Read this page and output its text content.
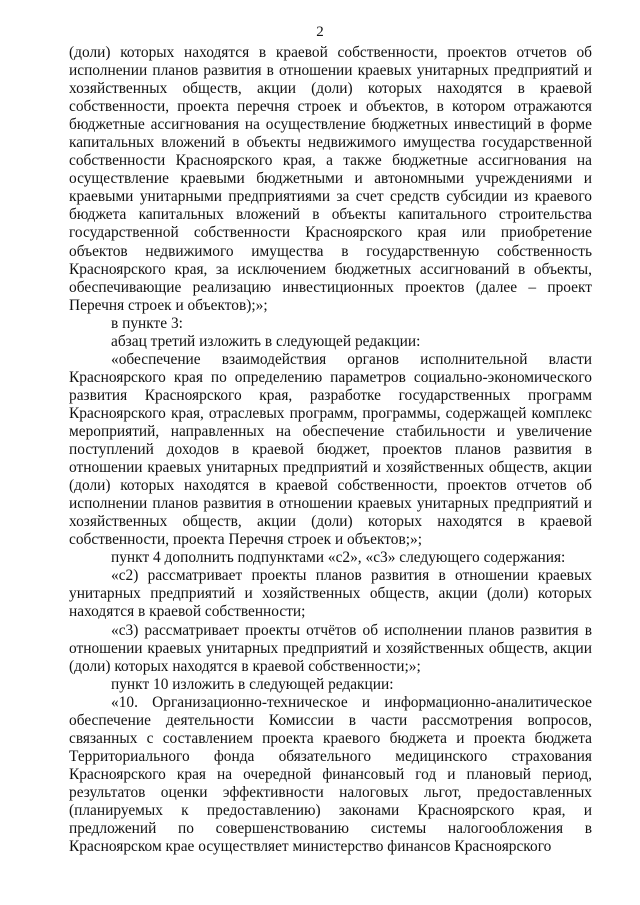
2

(доли) которых находятся в краевой собственности, проектов отчетов об исполнении планов развития в отношении краевых унитарных предприятий и хозяйственных обществ, акции (доли) которых находятся в краевой собственности, проекта перечня строек и объектов, в котором отражаются бюджетные ассигнования на осуществление бюджетных инвестиций в форме капитальных вложений в объекты недвижимого имущества государственной собственности Красноярского края, а также бюджетные ассигнования на осуществление краевыми бюджетными и автономными учреждениями и краевыми унитарными предприятиями за счет средств субсидии из краевого бюджета капитальных вложений в объекты капитального строительства государственной собственности Красноярского края или приобретение объектов недвижимого имущества в государственную собственность Красноярского края, за исключением бюджетных ассигнований в объекты, обеспечивающие реализацию инвестиционных проектов (далее – проект Перечня строек и объектов);»;

в пункте 3:

абзац третий изложить в следующей редакции:

«обеспечение взаимодействия органов исполнительной власти Красноярского края по определению параметров социально-экономического развития Красноярского края, разработке государственных программ Красноярского края, отраслевых программ, программы, содержащей комплекс мероприятий, направленных на обеспечение стабильности и увеличение поступлений доходов в краевой бюджет, проектов планов развития в отношении краевых унитарных предприятий и хозяйственных обществ, акции (доли) которых находятся в краевой собственности, проектов отчетов об исполнении планов развития в отношении краевых унитарных предприятий и хозяйственных обществ, акции (доли) которых находятся в краевой собственности, проекта Перечня строек и объектов;»;

пункт 4 дополнить подпунктами «с2», «с3» следующего содержания:

«с2) рассматривает проекты планов развития в отношении краевых унитарных предприятий и хозяйственных обществ, акции (доли) которых находятся в краевой собственности;

«с3) рассматривает проекты отчётов об исполнении планов развития в отношении краевых унитарных предприятий и хозяйственных обществ, акции (доли) которых находятся в краевой собственности;»;

пункт 10 изложить в следующей редакции:

«10. Организационно-техническое и информационно-аналитическое обеспечение деятельности Комиссии в части рассмотрения вопросов, связанных с составлением проекта краевого бюджета и проекта бюджета Территориального фонда обязательного медицинского страхования Красноярского края на очередной финансовый год и плановый период, результатов оценки эффективности налоговых льгот, предоставленных (планируемых к предоставлению) законами Красноярского края, и предложений по совершенствованию системы налогообложения в Красноярском крае осуществляет министерство финансов Красноярского
